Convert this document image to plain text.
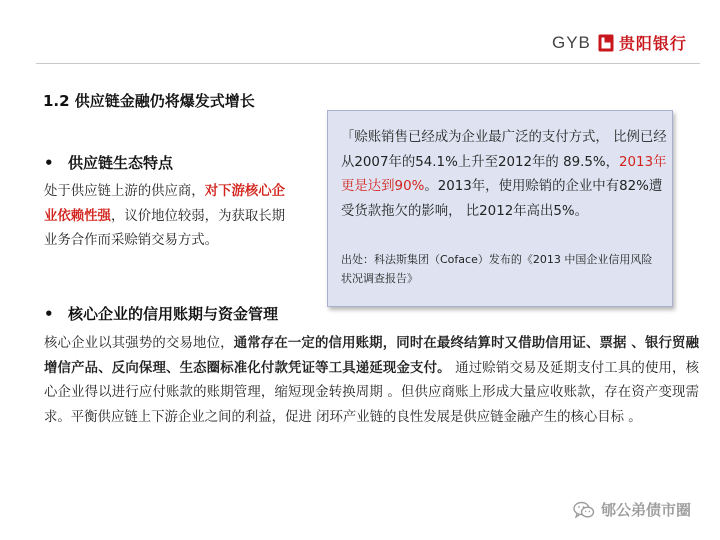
GYB 贵阳银行
1.2 供应链金融仍将爆发式增长
• 供应链生态特点
处于供应链上游的供应商，对下游核心企业依赖性强，议价地位较弱，为获取长期业务合作而采赊销交易方式。
「赊账销售已经成为企业最广泛的支付方式， 比例已经从2007年的54.1%上升至2012年的 89.5%，2013年更是达到90%。2013年，使用赊销的企业中有82%遭受货款拖欠的影响， 比2012年高出5%。
出处：科法斯集团（Coface）发布的《2013 中国企业信用风险状况调查报告》
• 核心企业的信用账期与资金管理
核心企业以其强势的交易地位，通常存在一定的信用账期，同时在最终结算时又借助信用证、票据 、银行贸融增信产品、反向保理、生态圈标准化付款凭证等工具递延现金支付。 通过赊销交易及延期支付工具的使用，核心企业得以进行应付账款的账期管理，缩短现金转换周期 。但供应商账上形成大量应收账款，存在资产变现需求。平衡供应链上下游企业之间的利益，促进 闭环产业链的良性发展是供应链金融产生的核心目标 。
郇公弟债市圈
